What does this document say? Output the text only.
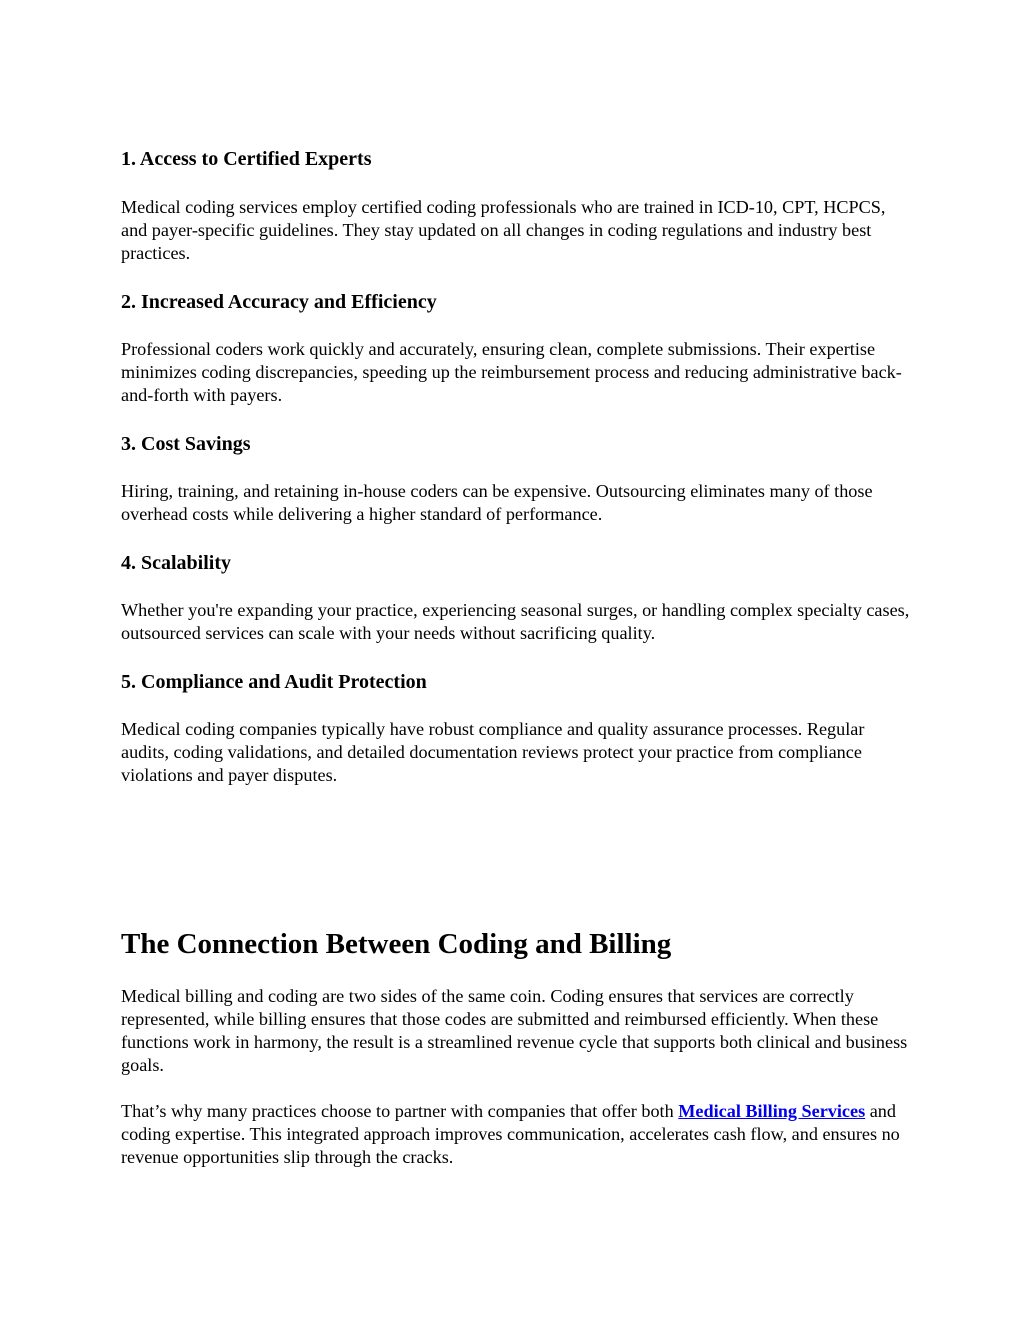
1. Access to Certified Experts

Medical coding services employ certified coding professionals who are trained in ICD-10, CPT, HCPCS, and payer-specific guidelines. They stay updated on all changes in coding regulations and industry best practices.

2. Increased Accuracy and Efficiency

Professional coders work quickly and accurately, ensuring clean, complete submissions. Their expertise minimizes coding discrepancies, speeding up the reimbursement process and reducing administrative back-and-forth with payers.

3. Cost Savings

Hiring, training, and retaining in-house coders can be expensive. Outsourcing eliminates many of those overhead costs while delivering a higher standard of performance.

4. Scalability

Whether you're expanding your practice, experiencing seasonal surges, or handling complex specialty cases, outsourced services can scale with your needs without sacrificing quality.

5. Compliance and Audit Protection

Medical coding companies typically have robust compliance and quality assurance processes. Regular audits, coding validations, and detailed documentation reviews protect your practice from compliance violations and payer disputes.

The Connection Between Coding and Billing

Medical billing and coding are two sides of the same coin. Coding ensures that services are correctly represented, while billing ensures that those codes are submitted and reimbursed efficiently. When these functions work in harmony, the result is a streamlined revenue cycle that supports both clinical and business goals.

That’s why many practices choose to partner with companies that offer both Medical Billing Services and coding expertise. This integrated approach improves communication, accelerates cash flow, and ensures no revenue opportunities slip through the cracks.
